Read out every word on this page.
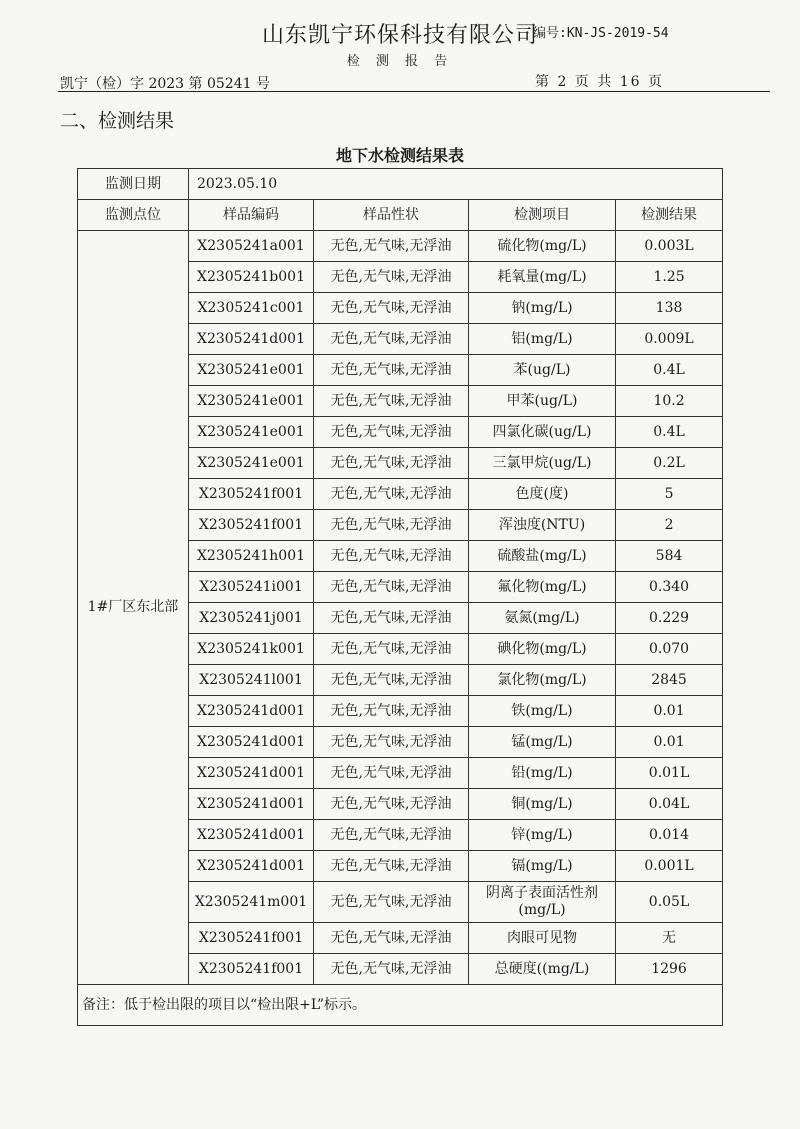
山东凯宁环保科技有限公司
编号:KN-JS-2019-54
检 测 报 告
凯宁（检）字 2023 第 05241 号	第 2 页 共 16 页
二、检测结果
地下水检测结果表
监测日期	2023.05.10			
监测点位	样品编码	样品性状	检测项目	检测结果
1#厂区东北部	X2305241a001	无色,无气味,无浮油	硫化物(mg/L)	0.003L
	X2305241b001	无色,无气味,无浮油	耗氧量(mg/L)	1.25
	X2305241c001	无色,无气味,无浮油	钠(mg/L)	138
	X2305241d001	无色,无气味,无浮油	铝(mg/L)	0.009L
	X2305241e001	无色,无气味,无浮油	苯(ug/L)	0.4L
	X2305241e001	无色,无气味,无浮油	甲苯(ug/L)	10.2
	X2305241e001	无色,无气味,无浮油	四氯化碳(ug/L)	0.4L
	X2305241e001	无色,无气味,无浮油	三氯甲烷(ug/L)	0.2L
	X2305241f001	无色,无气味,无浮油	色度(度)	5
	X2305241f001	无色,无气味,无浮油	浑浊度(NTU)	2
	X2305241h001	无色,无气味,无浮油	硫酸盐(mg/L)	584
	X2305241i001	无色,无气味,无浮油	氟化物(mg/L)	0.340
	X2305241j001	无色,无气味,无浮油	氨氮(mg/L)	0.229
	X2305241k001	无色,无气味,无浮油	碘化物(mg/L)	0.070
	X2305241l001	无色,无气味,无浮油	氯化物(mg/L)	2845
	X2305241d001	无色,无气味,无浮油	铁(mg/L)	0.01
	X2305241d001	无色,无气味,无浮油	锰(mg/L)	0.01
	X2305241d001	无色,无气味,无浮油	铅(mg/L)	0.01L
	X2305241d001	无色,无气味,无浮油	铜(mg/L)	0.04L
	X2305241d001	无色,无气味,无浮油	锌(mg/L)	0.014
	X2305241d001	无色,无气味,无浮油	镉(mg/L)	0.001L
	X2305241m001	无色,无气味,无浮油	阴离子表面活性剂(mg/L)	0.05L
	X2305241f001	无色,无气味,无浮油	肉眼可见物	无
	X2305241f001	无色,无气味,无浮油	总硬度((mg/L)	1296
备注：低于检出限的项目以“检出限+L”标示。				
